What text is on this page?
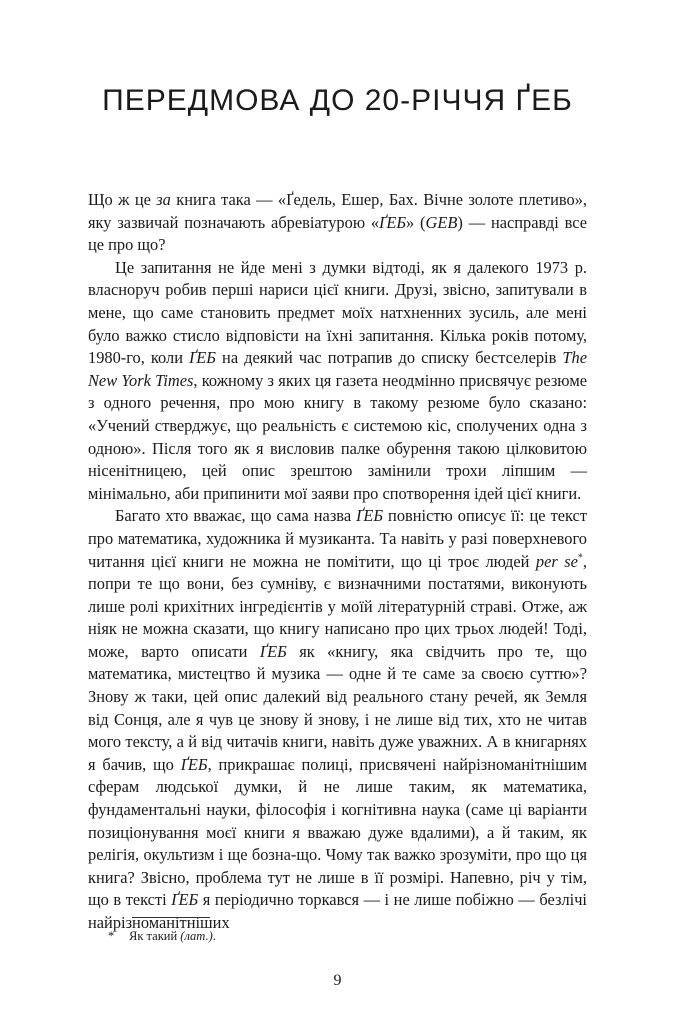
ПЕРЕДМОВА ДО 20-РІЧЧЯ ҐЕБ

Що ж це за книга така — «Ґедель, Ешер, Бах. Вічне золоте плетиво», яку зазвичай позначають абревіатурою «ҐЕБ» (GEB) — насправді все це про що?

Це запитання не йде мені з думки відтоді, як я далекого 1973 р. власноруч робив перші нариси цієї книги. Друзі, звісно, запитували в мене, що саме становить предмет моїх натхненних зусиль, але мені було важко стисло відповісти на їхні запитання. Кілька років потому, 1980-го, коли ҐЕБ на деякий час потрапив до списку бестселерів The New York Times, кожному з яких ця газета неодмінно присвячує резюме з одного речення, про мою книгу в такому резюме було сказано: «Учений стверджує, що реальність є системою кіс, сполучених одна з одною». Після того як я висловив палке обурення такою цілковитою нісенітницею, цей опис зрештою замінили трохи ліпшим — мінімально, аби припинити мої заяви про спотворення ідей цієї книги.

Багато хто вважає, що сама назва ҐЕБ повністю описує її: це текст про математика, художника й музиканта. Та навіть у разі поверхневого читання цієї книги не можна не помітити, що ці троє людей per se*, попри те що вони, без сумніву, є визначними постатями, виконують лише ролі крихітних інгредієнтів у моїй літературній страві. Отже, аж ніяк не можна сказати, що книгу написано про цих трьох людей! Тоді, може, варто описати ҐЕБ як «книгу, яка свідчить про те, що математика, мистецтво й музика — одне й те саме за своєю суттю»? Знову ж таки, цей опис далекий від реального стану речей, як Земля від Сонця, але я чув це знову й знову, і не лише від тих, хто не читав мого тексту, а й від читачів книги, навіть дуже уважних. А в книгарнях я бачив, що ҐЕБ, прикрашає полиці, присвячені найрізноманітнішим сферам людської думки, й не лише таким, як математика, фундаментальні науки, філософія і когнітивна наука (саме ці варіанти позиціонування моєї книги я вважаю дуже вдалими), а й таким, як релігія, окультизм і ще бозна-що. Чому так важко зрозуміти, про що ця книга? Звісно, проблема тут не лише в її розмірі. Напевно, річ у тім, що в тексті ҐЕБ я періодично торкався — і не лише побіжно — безлічі найрізноманітніших

* Як такий (лат.).
9
